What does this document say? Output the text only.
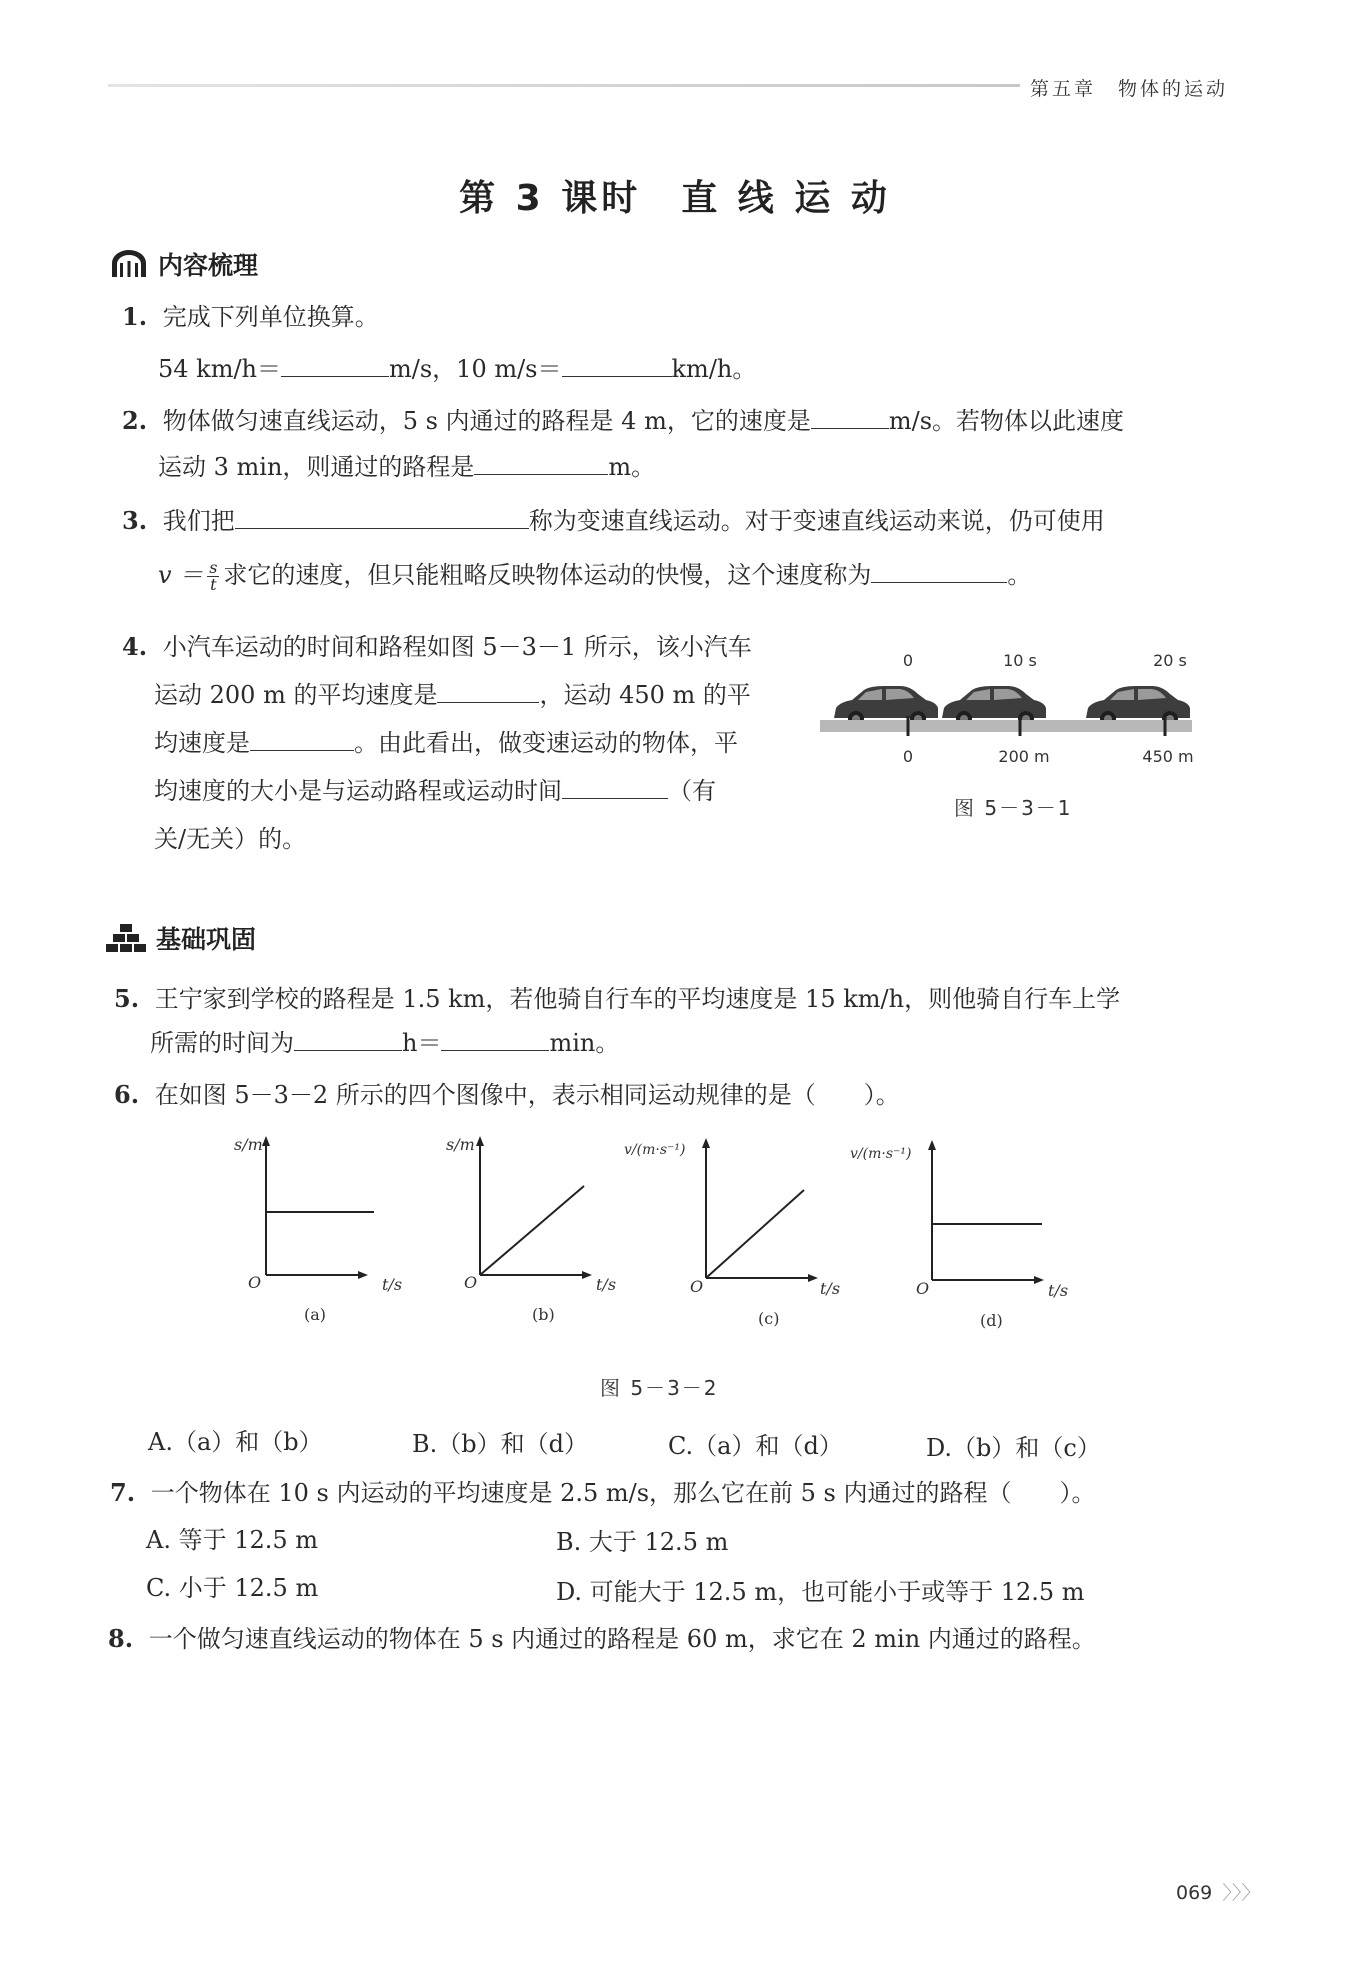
第五章　物体的运动
第 3 课时　直 线 运 动
内容梳理
1. 完成下列单位换算。
54 km/h＝	m/s，10 m/s＝	km/h。
2. 物体做匀速直线运动，5 s 内通过的路程是 4 m，它的速度是	m/s。若物体以此速度
运动 3 min，则通过的路程是	m。
3. 我们把	称为变速直线运动。对于变速直线运动来说，仍可使用
$v = \frac{s}{t}$ 求它的速度，但只能粗略反映物体运动的快慢，这个速度称为	。
4. 小汽车运动的时间和路程如图 5－3－1 所示，该小汽车
运动 200 m 的平均速度是	，运动 450 m 的平
均速度是	。由此看出，做变速运动的物体，平
均速度的大小是与运动路程或运动时间	（有
关/无关）的。
0	10 s	20 s
0	200 m	450 m
图 5－3－1
基础巩固
5. 王宁家到学校的路程是 1.5 km，若他骑自行车的平均速度是 15 km/h，则他骑自行车上学
所需的时间为	h＝	min。
6. 在如图 5－3－2 所示的四个图像中，表示相同运动规律的是（　　）。
s/m
t/s
O
(a)
s/m
t/s
O
(b)
v/(m·s⁻¹)
t/s
O
(c)
v/(m·s⁻¹)
t/s
O
(d)
图 5－3－2
A.（a）和（b）	B.（b）和（d）	C.（a）和（d）	D.（b）和（c）
7. 一个物体在 10 s 内运动的平均速度是 2.5 m/s，那么它在前 5 s 内通过的路程（　　）。
A. 等于 12.5 m	B. 大于 12.5 m
C. 小于 12.5 m	D. 可能大于 12.5 m，也可能小于或等于 12.5 m
8. 一个做匀速直线运动的物体在 5 s 内通过的路程是 60 m，求它在 2 min 内通过的路程。
069 〉〉〉
